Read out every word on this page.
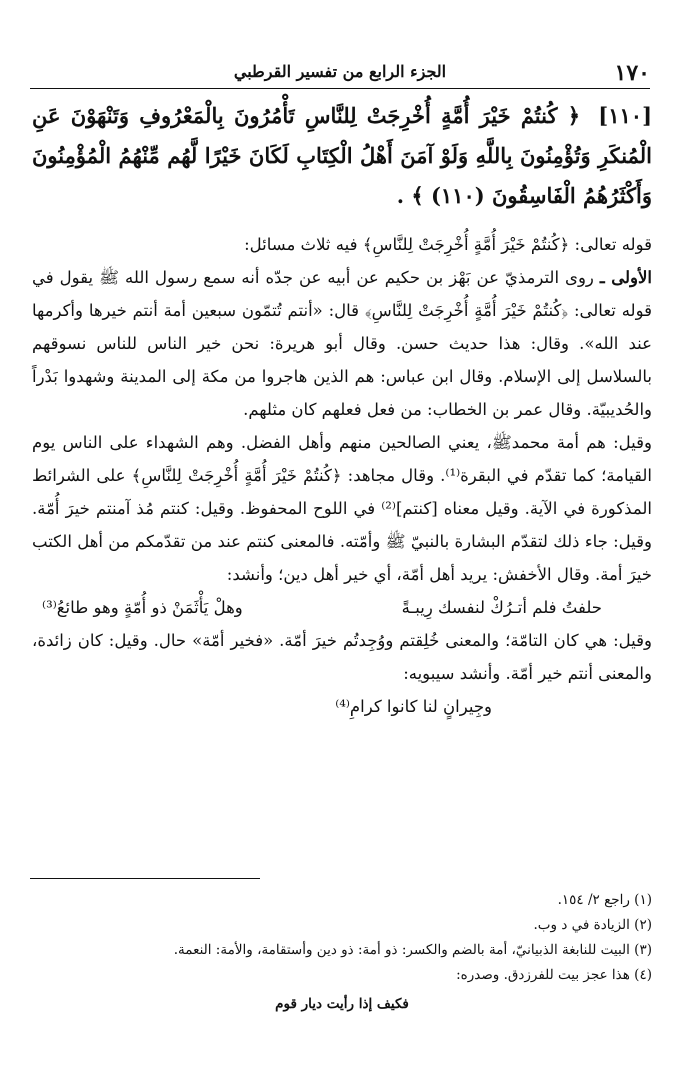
١٧٠
الجزء الرابع من تفسير القرطبي
[١١٠] ﴿ كُنتُمْ خَيْرَ أُمَّةٍ أُخْرِجَتْ لِلنَّاسِ تَأْمُرُونَ بِالْمَعْرُوفِ وَتَنْهَوْنَ عَنِ الْمُنكَرِ وَتُؤْمِنُونَ بِاللَّهِ وَلَوْ آمَنَ أَهْلُ الْكِتَابِ لَكَانَ خَيْرًا لَّهُم مِّنْهُمُ الْمُؤْمِنُونَ وَأَكْثَرُهُمُ الْفَاسِقُونَ (١١٠) ﴾ .

قوله تعالى: ﴿كُنتُمْ خَيْرَ أُمَّةٍ أُخْرِجَتْ لِلنَّاسِ﴾ فيه ثلاث مسائل:

الأولى ـ روى الترمذيّ عن بَهْز بن حكيم عن أبيه عن جدّه أنه سمع رسول الله ﷺ يقول في قوله تعالى: ﴿كُنتُمْ خَيْرَ أُمَّةٍ أُخْرِجَتْ لِلنَّاسِ﴾ قال: «أنتم تُتمّون سبعين أمة أنتم خيرها وأكرمها عند الله». وقال: هذا حديث حسن. وقال أبو هريرة: نحن خير الناس للناس نسوقهم بالسلاسل إلى الإسلام. وقال ابن عباس: هم الذين هاجروا من مكة إلى المدينة وشهدوا بَدْراً والحُديبيّة. وقال عمر بن الخطاب: من فعل فعلهم كان مثلهم.

وقيل: هم أمة محمدﷺ، يعني الصالحين منهم وأهل الفضل. وهم الشهداء على الناس يوم القيامة؛ كما تقدّم في البقرة⁽¹⁾. وقال مجاهد: ﴿كُنتُمْ خَيْرَ أُمَّةٍ أُخْرِجَتْ لِلنَّاسِ﴾ على الشرائط المذكورة في الآية. وقيل معناه [كنتم]⁽²⁾ في اللوح المحفوظ. وقيل: كنتم مُذ آمنتم خيرَ أُمّة. وقيل: جاء ذلك لتقدّم البشارة بالنبيّ ﷺ وأمّته. فالمعنى كنتم عند من تقدّمكم من أهل الكتب خيرَ أمة. وقال الأخفش: يريد أهل أمّة، أي خير أهل دين؛ وأنشد:

حلفتُ فلم أتـرُكْ لنفسك رِيبـةً
وهلْ يَأْثَمَنْ ذو أُمّةٍ وهو طائعُ⁽³⁾

وقيل: هي كان التامّة؛ والمعنى خُلِقتم ووُجِدتُم خيرَ أمّة. «فخير أمّة» حال. وقيل: كان زائدة، والمعنى أنتم خير أمّة. وأنشد سيبويه:

وجِيرانٍ لنا كانوا كرامِ⁽⁴⁾

(١) راجع ٢/ ١٥٤.

(٢) الزيادة في د وب.

(٣) البيت للنابغة الذبيانيّ، أمة بالضم والكسر: ذو أمة: ذو دين وأستقامة، والأمة: النعمة.

(٤) هذا عجز بيت للفرزدق. وصدره:

فكيف إذا رأيت ديار قوم
